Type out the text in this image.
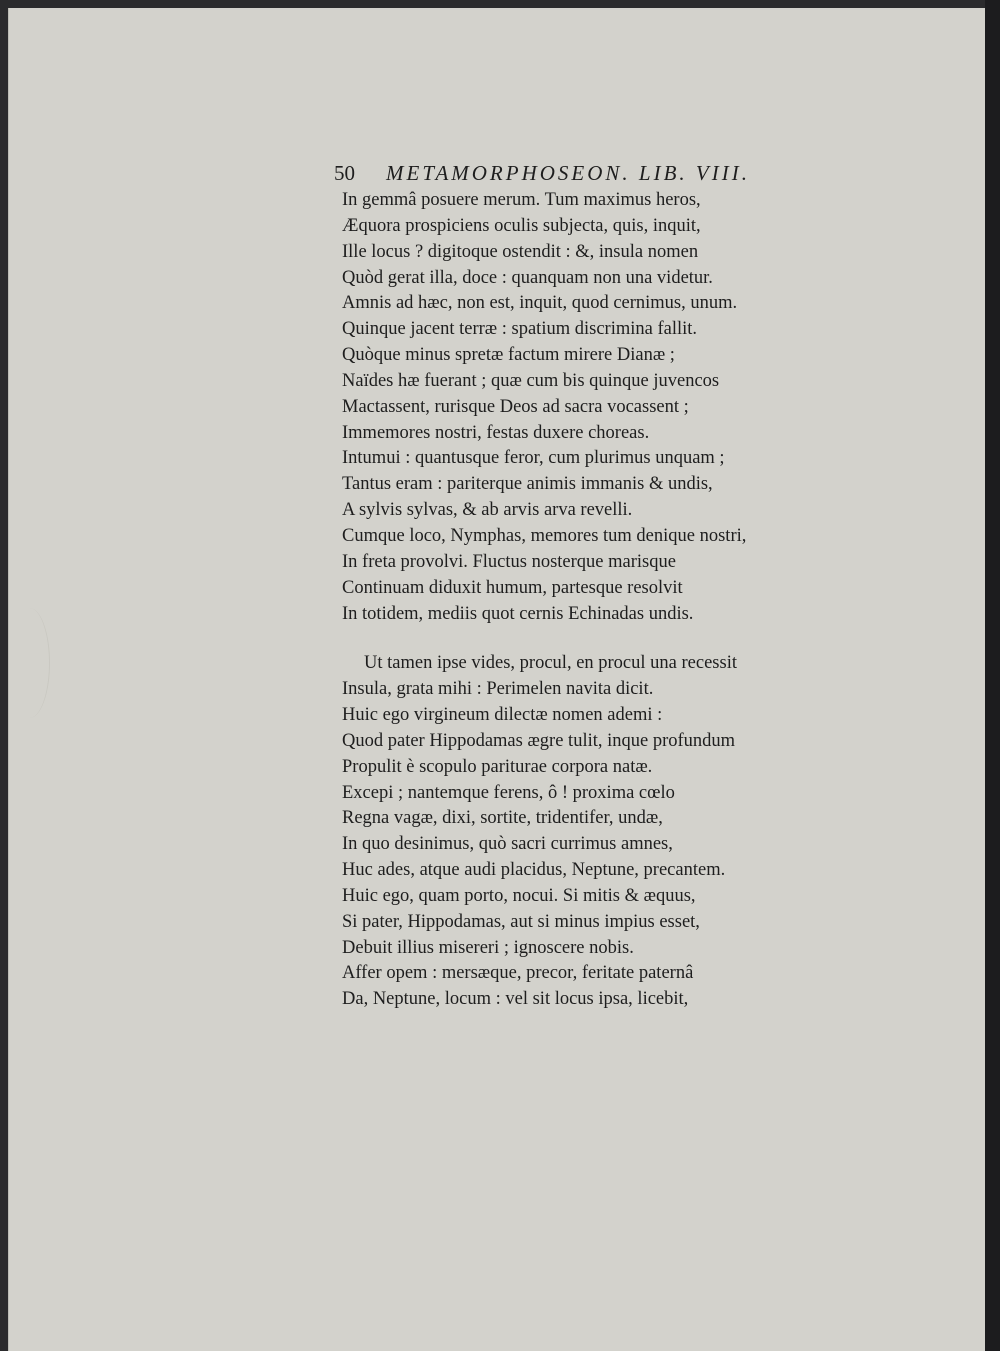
50 METAMORPHOSEON. LIB. VIII.
In gemmâ posuere merum. Tum maximus heros,
Æquora prospiciens oculis subjecta, quis, inquit,
Ille locus ? digitoque ostendit : &, insula nomen
Quòd gerat illa, doce : quanquam non una videtur.
Amnis ad hæc, non est, inquit, quod cernimus, unum.
Quinque jacent terræ : spatium discrimina fallit.
Quòque minus spretæ factum mirere Dianæ ;
Naïdes hæ fuerant ; quæ cum bis quinque juvencos
Mactassent, rurisque Deos ad sacra vocassent ;
Immemores nostri, festas duxere choreas.
Intumui : quantusque feror, cum plurimus unquam ;
Tantus eram : pariterque animis immanis & undis,
A sylvis sylvas, & ab arvis arva revelli.
Cumque loco, Nymphas, memores tum denique nostri,
In freta provolvi. Fluctus nosterque marisque
Continuam diduxit humum, partesque resolvit
In totidem, mediis quot cernis Echinadas undis.
Ut tamen ipse vides, procul, en procul una recessit
Insula, grata mihi : Perimelen navita dicit.
Huic ego virgineum dilectæ nomen ademi :
Quod pater Hippodamas ægre tulit, inque profundum
Propulit è scopulo pariturae corpora natæ.
Excepi ; nantemque ferens, ô ! proxima cœlo
Regna vagæ, dixi, sortite, tridentifer, undæ,
In quo desinimus, quò sacri currimus amnes,
Huc ades, atque audi placidus, Neptune, precantem.
Huic ego, quam porto, nocui. Si mitis & æquus,
Si pater, Hippodamas, aut si minus impius esset,
Debuit illius misereri ; ignoscere nobis.
Affer opem : mersæque, precor, feritate paternâ
Da, Neptune, locum : vel sit locus ipsa, licebit,
